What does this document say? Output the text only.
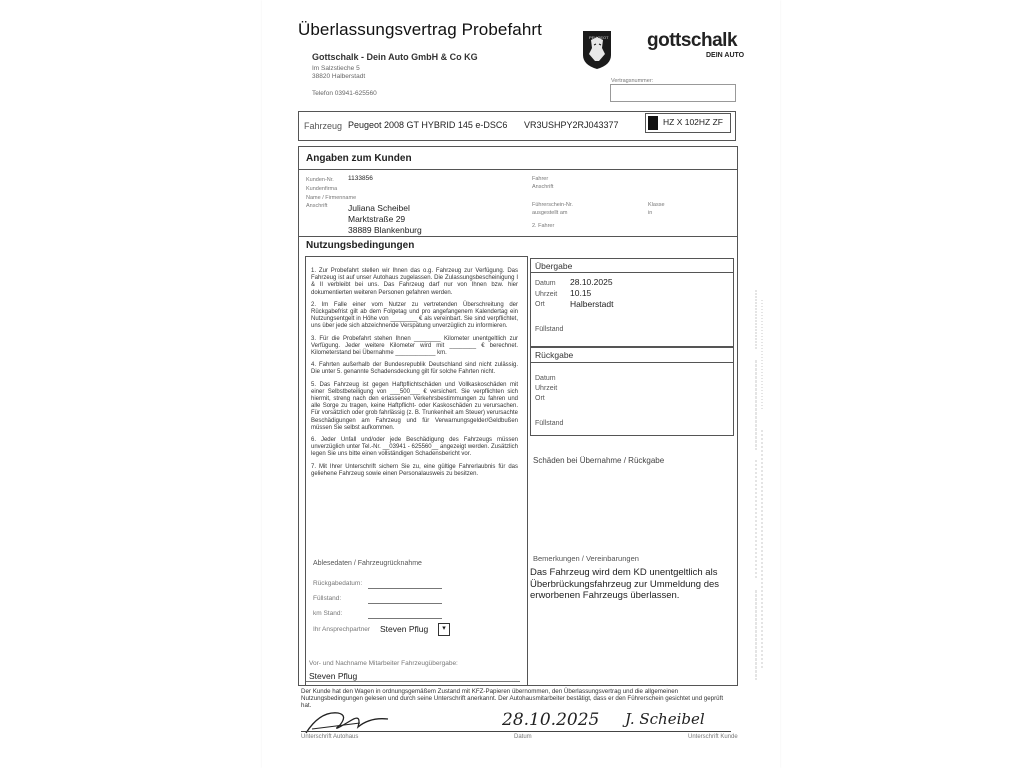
Überlassungsvertrag Probefahrt
Gottschalk - Dein Auto GmbH & Co KG
Im Salzstieche 5
38820 Halberstadt
Telefon 03941-625560
PEUGEOT gottschalk
DEIN AUTO
Vertragsnummer:
Fahrzeug Peugeot 2008 GT HYBRID 145 e-DSC6 VR3USHPY2RJ043377	HZ X 102HZ ZF
Angaben zum Kunden
Kunden-Nr. 1133856
Kundenfirma
Name / Firmenname
Anschrift Juliana Scheibel
Marktstraße 29
38889 Blankenburg
Fahrer
Anschrift
Führerschein-Nr.
ausgestellt am
Klasse
in
2. Fahrer
Nutzungsbedingungen

1. Zur Probefahrt stellen wir Ihnen das o.g. Fahrzeug zur Verfügung. Das Fahrzeug ist auf unser Autohaus zugelassen. Die Zulassungsbescheinigung I & II verbleibt bei uns. Das Fahrzeug darf nur von Ihnen bzw. hier dokumentierten weiteren Personen gefahren werden.

2. Im Falle einer vom Nutzer zu vertretenden Überschreitung der Rückgabefrist gilt ab dem Folgetag und pro angefangenem Kalendertag ein Nutzungsentgelt in Höhe von ________ € als vereinbart. Sie sind verpflichtet, uns über jede sich abzeichnende Verspätung unverzüglich zu informieren.

3. Für die Probefahrt stehen Ihnen ________ Kilometer unentgeltlich zur Verfügung. Jeder weitere Kilometer wird mit ________ € berechnet. Kilometerstand bei Übernahme ____________ km.

4. Fahrten außerhalb der Bundesrepublik Deutschland sind nicht zulässig. Die unter 5. genannte Schadensdeckung gilt für solche Fahrten nicht.

5. Das Fahrzeug ist gegen Haftpflichtschäden und Vollkaskoschäden mit einer Selbstbeteiligung von ___500___ € versichert. Sie verpflichten sich hiermit, streng nach den erlassenen Verkehrsbestimmungen zu fahren und alle Sorge zu tragen, keine Haftpflicht- oder Kaskoschäden zu verursachen. Für vorsätzlich oder grob fahrlässig (z. B. Trunkenheit am Steuer) verursachte Beschädigungen am Fahrzeug und für Verwarnungsgelder/Geldbußen müssen Sie selbst aufkommen.

6. Jeder Unfall und/oder jede Beschädigung des Fahrzeugs müssen unverzüglich unter Tel.-Nr. __03941 - 625560__ angezeigt werden. Zusätzlich legen Sie uns bitte einen vollständigen Schadensbericht vor.

7. Mit Ihrer Unterschrift sichern Sie zu, eine gültige Fahrerlaubnis für das geliehene Fahrzeug sowie einen Personalausweis zu besitzen.

Ablesedaten / Fahrzeugrücknahme
Rückgabedatum:
Füllstand:
km Stand:
Ihr Ansprechpartner Steven Pflug	▾
Vor- und Nachname Mitarbeiter Fahrzeugübergabe:
Steven Pflug
Übergabe
Datum 28.10.2025
Uhrzeit 10.15
Ort	Halberstadt
Füllstand
Rückgabe
Datum
Uhrzeit
Ort
Füllstand
Schäden bei Übernahme / Rückgabe
Bemerkungen / Vereinbarungen
Das Fahrzeug wird dem KD unentgeltlich als Überbrückungsfahrzeug zur Ummeldung des erworbenen Fahrzeugs überlassen.
Der Kunde hat den Wagen in ordnungsgemäßem Zustand mit KFZ-Papieren übernommen, den Überlassungsvertrag und die allgemeinen Nutzungsbedingungen gelesen und durch seine Unterschrift anerkannt. Der Autohausmitarbeiter bestätigt, dass er den Führerschein gesichtet und geprüft hat.
28.10.2025 J. Scheibel
Unterschrift Autohaus	Datum	Unterschrift Kunde
